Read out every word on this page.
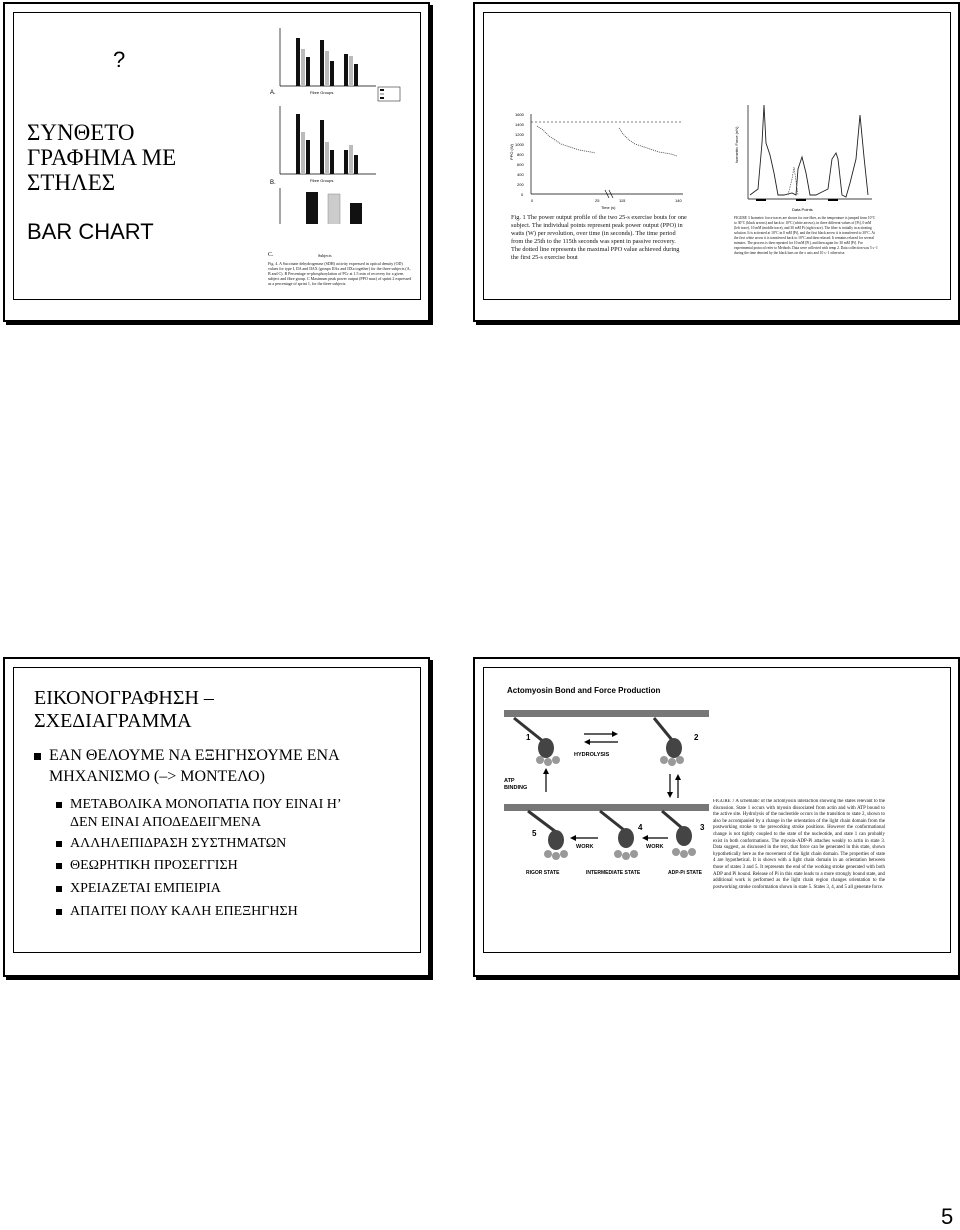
?
ΣΥΝΘΕΤΟ
ΓΡΑΦΗΜΑ ΜΕ
ΣΤΗΛΕΣ
BAR CHART
A.	Fibre Groups
B.	Fibre Groups
C.	Subjects
Fig. 4. A Succinate dehydrogenase (SDH) activity expressed in optical density (OD) values for type I, IIA and IIAX (groups IIAx and IIXa together) for the three subjects (A, B and C). B Percentage re-phosphorylation of PCr at 1.5 min of recovery for a given subject and fibre group. C Maximum peak power output (PPO max) of sprint 2 expressed as a percentage of sprint 1, for the three subjects.
1600
1400
1200
1000
800
600
400
200
0
PPO (W)
0	25	115	140
Time (s)
Fig. 1 The power output profile of the two 25-s exercise bouts for one subject. The individual points represent peak power output (PPO) in watts (W) per revolution, over time (in seconds). The time period from the 25th to the 115th seconds was spent in passive recovery. The dotted line represents the maximal PPO value achieved during the first 25-s exercise bout
Isometric Force (nN)
Data Points
FIGURE 3 Isometric force traces are shown for one fiber, as the temperature is jumped from 10°C to 30°C (black arrows) and back to 10°C (white arrows), in three different values of [Pi], 0 mM (left trace), 10 mM (middle trace), and 30 mM Pi (right trace). The fiber is initially in activating solution. It is activated at 10°C in 0 mM [Pi], and the first black arrow it is transferred to 30°C. At the first white arrow it is transferred back to 10°C and then relaxed. It remains relaxed for several minutes. The process is then repeated for 10 mM [Pi], and then again for 30 mM [Pi]. For experimental protocol refer to Methods. Data were collected with temp 2. Data collection was 5 s−1 during the time denoted by the black bars on the x axis and 10 s−1 otherwise.
ΕΙΚΟΝΟΓΡΑΦΗΣΗ –
ΣΧΕΔΙΑΓΡΑΜΜΑ
ΕΑΝ ΘΕΛΟΥΜΕ ΝΑ ΕΞΗΓΗΣΟΥΜΕ ΕΝΑ
ΜΗΧΑΝΙΣΜΟ (–> ΜΟΝΤΕΛΟ)
ΜΕΤΑΒΟΛΙΚΑ ΜΟΝΟΠΑΤΙΑ ΠΟΥ ΕΙΝΑΙ Η’
ΔΕΝ ΕΙΝΑΙ ΑΠΟΔΕΔΕΙΓΜΕΝΑ
ΑΛΛΗΛΕΠΙΔΡΑΣΗ ΣΥΣΤΗΜΑΤΩΝ
ΘΕΩΡΗΤΙΚΗ ΠΡΟΣΕΓΓΙΣΗ
ΧΡΕΙΑΖΕΤΑΙ ΕΜΠΕΙΡΙΑ
ΑΠΑΙΤΕΙ ΠΟΛΥ ΚΑΛΗ ΕΠΕΞΗΓΗΣΗ
Actomyosin Bond and Force Production
1
HYDROLYSIS
2
ATP
BINDING
5
WORK
4
WORK
3
RIGOR STATE	INTERMEDIATE STATE	ADP-Pi STATE
FIGURE 7 A schematic of the actomyosin interaction showing the states relevant to the discussion. State 1 occurs with myosin dissociated from actin and with ATP bound to the active site. Hydrolysis of the nucleotide occurs in the transition to state 2, shown to also be accompanied by a change in the orientation of the light chain domain from the postworking stroke to the preworking stroke positions. However the conformational change is not tightly coupled to the state of the nucleotide, and state 1 can probably exist in both conformations. The myosin-ADP-Pi attaches weakly to actin in state 3. Data suggest, as discussed in the text, that force can be generated in this state, shown hypothetically here as the movement of the light chain domain. The properties of state 4 are hypothetical. It is shown with a light chain domain in an orientation between those of states 3 and 5. It represents the end of the working stroke generated with both ADP and Pi bound. Release of Pi in this state leads to a more strongly bound state, and additional work is performed as the light chain region changes orientation to the postworking stroke conformation shown in state 5. States 3, 4, and 5 all generate force.
5
